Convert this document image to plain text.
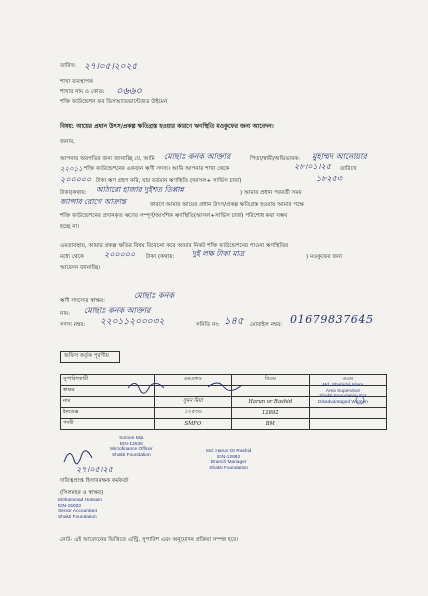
তারিখ: ২৭।০৫।২০২৫
শাখা ব্যবস্থাপক
শাখার নাম ও কোড: ০৬৬০
শক্তি ফাউন্ডেশন ফর ডিসঅ্যাডভান্টেজড উইমেন
বিষয়: আয়ের প্রধান উৎস/প্রকল্প ক্ষতিগ্রস্ত হওয়ার কারণে ঋণস্থিতি মওকুফের জন্য আবেদন।
জনাব,
আপনার অবগতির জন্য জানাচ্ছি যে, আমি মোছাঃ কনক আক্তার	পিতা/স্বামী/অভিভাবক: মুহাম্মদ আনোয়ার
২২০১১ শক্তি ফাউন্ডেশনের একজন ঋণী সদস্য। আমি আপনার শাখা থেকে	২৮।০১।২৫ তারিখে
২০০০০০ টাকা ঋণ গ্রহণ করি, যার বর্তমান ঋণস্থিতি (আসল+ সার্ভিস চার্জ)	১৮২৫৩
টাকা(কথায়: আঠারো হাজার দুইশত তিপ্পান্ন	) আমার প্রধান পরবর্তী সময়
ক্যান্সার রোগে আক্রান্ত	কারণে আমার আয়ের প্রধান উৎস/প্রকল্প ক্ষতিগ্রস্ত হওয়ায় আমার পক্ষে
শক্তি ফাউন্ডেশনের প্রদানকৃত ঋণের সম্পূর্ণ/আংশিক ঋণস্থিতি(আসল+সার্ভিস চার্জ) পরিশোধ করা সম্ভব
হচ্ছে না।
এমতাবস্থায়, আমার প্রকল্প ক্ষতির বিষয় বিবেচনা করে আমার নিকট শক্তি ফাউন্ডেশনের পাওনা ঋণস্থিতির
মধ্যে থেকে	২০০০০০ টাকা (কথায়: দুই লক্ষ টাকা মাত্র	) মওকুফের জন্য
আবেদন জানাচ্ছি।
ঋণী সদস্যের স্বাক্ষর:
মোছাঃ কনক
নাম: মোছাঃ কনক আক্তার
সদস্য নম্বর: ২২০১১২০০০৩২	সমিতি নং: ১৪৫ মোবাইল নম্বর: 01679837645
অফিস কর্তৃক পূরণীয়
সুপারিশকারী	এমএফও	বিএম	এএম
স্বাক্ষর			
নাম	সুমন মিয়া	Harun or Rashid	
ইনডেক্স	১২৫৩৬	12892	
পদবী	SMFO	BM	
Somon Mia
EIN-12536
Microfinance Officer
Shakti Foundation
Md. Harun Or Rashid
EIN-12892
Branch Manager
Shakti Foundation
Md. Shahidul Islam
Area Supervisor
Shakti Foundation For
Disadvantaged Women
২৭।০৫।২৫
দায়িত্বপ্রাপ্ত হিসাবরক্ষক কর্মকর্তা
(সিলমহর ও স্বাক্ষর)
Mohammad Hossain
EIN-15003
Senior Accountant
Shakti Foundation
নোট- এই আবেদনের ভিত্তিতে এন্ট্রি, সুপারিশ এবং অনুমোদন প্রক্রিয়া সম্পন্ন হবে।
